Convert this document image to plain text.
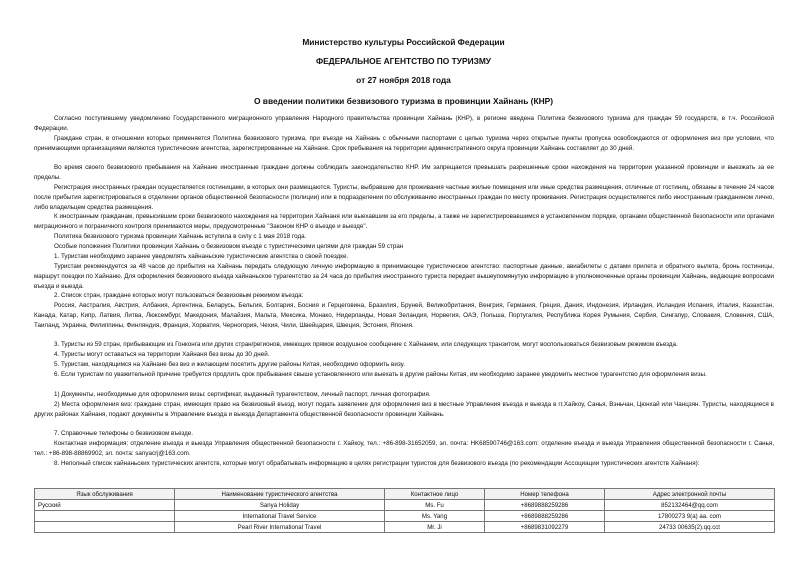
Министерство культуры Российской Федерации
ФЕДЕРАЛЬНОЕ АГЕНТСТВО ПО ТУРИЗМУ
от 27 ноября 2018 года
О введении политики безвизового туризма в провинции Хайнань (КНР)

Согласно поступившему уведомлению Государственного миграционного управления Народного правительства провинции Хайнань (КНР), в регионе введена Политика безвизового туризма для граждан 59 государств, в т.ч. Российской Федерации.

Граждане стран, в отношении которых применяется Политика безвизового туризма, при въезде на Хайнань с обычными паспортами с целью туризма через открытые пункты пропуска освобождаются от оформления виз при условии, что принимающими организациями являются туристические агентства, зарегистрированные на Хайнане. Срок пребывания на территории административного округа провинции Хайнань составляет до 30 дней.

Во время своего безвизового пребывания на Хайнане иностранные граждане должны соблюдать законодательство КНР. Им запрещается превышать разрешенные сроки нахождения на территории указанной провинции и выезжать за ее пределы.

Регистрация иностранных граждан осуществляется гостиницами, в которых они размещаются. Туристы, выбравшие для проживания частные жилые помещения или иные средства размещения, отличные от гостиниц, обязаны в течение 24 часов после прибытия зарегистрироваться в отделении органов общественной безопасности (полиции) или в подразделении по обслуживанию иностранных граждан по месту проживания. Регистрация осуществляется либо иностранным гражданином лично, либо владельцем средства размещения.

К иностранным гражданам, превысившим сроки безвизового нахождения на территории Хайнаня или выехавшим за его пределы, а также не зарегистрировавшимся в установленном порядке, органами общественной безопасности или органами миграционного и пограничного контроля принимаются меры, предусмотренные "Законом КНР о въезде и выезде".

Политика безвизового туризма провинции Хайнань вступила в силу с 1 мая 2018 года.

Особые положения Политики провинции Хайнань о безвизовом въезде с туристическими целями для граждан 59 стран

1. Туристам необходимо заранее уведомлять хайнаньские туристические агентства о своей поездке.

Туристам рекомендуется за 48 часов до прибытия на Хайнань передать следующую личную информацию в принимающее туристическое агентство: паспортные данные, авиабилеты с датами прилета и обратного вылета, бронь гостиницы, маршрут поездки по Хайнаню. Для оформления безвизового въезда хайнаньское турагентство за 24 часа до прибытия иностранного туриста передает вышеупомянутую информацию в уполномоченные органы провинции Хайнань, ведающие вопросами въезда и выезда.

2. Список стран, граждане которых могут пользоваться безвизовым режимом въезда:

Россия, Австралия, Австрия, Албания, Аргентина, Беларусь, Бельгия, Болгария, Босния и Герцеговина, Бразилия, Бруней, Великобритания, Венгрия, Германия, Греция, Дания, Индонезия, Ирландия, Исландия Испания, Италия, Казахстан, Канада, Катар, Кипр, Латвия, Литва, Люксембург, Македония, Малайзия, Мальта, Мексика, Монако, Нидерланды, Новая Зеландия, Норвегия, ОАЭ, Польша, Португалия, Республика Корея Румыния, Сербия, Сингапур, Словакия, Словения, США, Таиланд, Украина, Филиппины, Финляндия, Франция, Хорватия, Черногория, Чехия, Чили, Швейцария, Швеция, Эстония, Япония.

3. Туристы из 59 стран, прибывающие из Гонконга или других стран/регионов, имеющих прямое воздушное сообщение с Хайнанем, или следующих транзитом, могут воспользоваться безвизовым режимом въезда.

4. Туристы могут оставаться на территории Хайнаня без визы до 30 дней.

5. Туристам, находящимся на Хайнане без виз и желающим посетить другие районы Китая, необходимо оформить визу.

6. Если туристам по уважительной причине требуется продлить срок пребывания свыше установленного или выехать в другие районы Китая, им необходимо заранее уведомить местное турагентство для оформления визы.

1) Документы, необходимые для оформления визы: сертификат, выданный турагентством, личный паспорт, личная фотография.

2) Места оформления виз: граждане стран, имеющих право на безвизовый въезд, могут подать заявление для оформления виз в местные Управления въезда и выезда в гг.Хайкоу, Санья, Вэньчан, Цюнхай или Чанцзян. Туристы, находящиеся в других районах Хайнаня, подают документы в Управление въезда и выезда Департамента общественной безопасности провинции Хайнань.

7. Справочные телефоны о безвизовом въезде.

Контактная информация: отделение въезда и выезда Управления общественной безопасности г. Хайкоу, тел.: +86-898-31652059, эл. почта: HK68590746@163.com: отделение въезда и выезда Управления общественной безопасности г. Санья, тел.: +86-898-88869902, эл. почта: sanyacrj@163.com.

8. Неполный список хайнаньских туристических агентств, которые могут обрабатывать информацию в целях регистрации туристов для безвизового въезда (по рекомендации Ассоциации туристических агентств Хайнаня):

Язык обслуживания	Наименование туристического агентства	Контактное лицо	Номер телефона	Адрес электронной почты
Русский	Sanya Holiday	Ms. Fu	+8689888259286	852132464@qq.com
	International Travel Service	Ms. Yang	+8689888259286	17800273 9(a) aa. com
	Pearl River International Travel	Mr. Ji	+8689831092279	24733 00635(2).qq.cct
